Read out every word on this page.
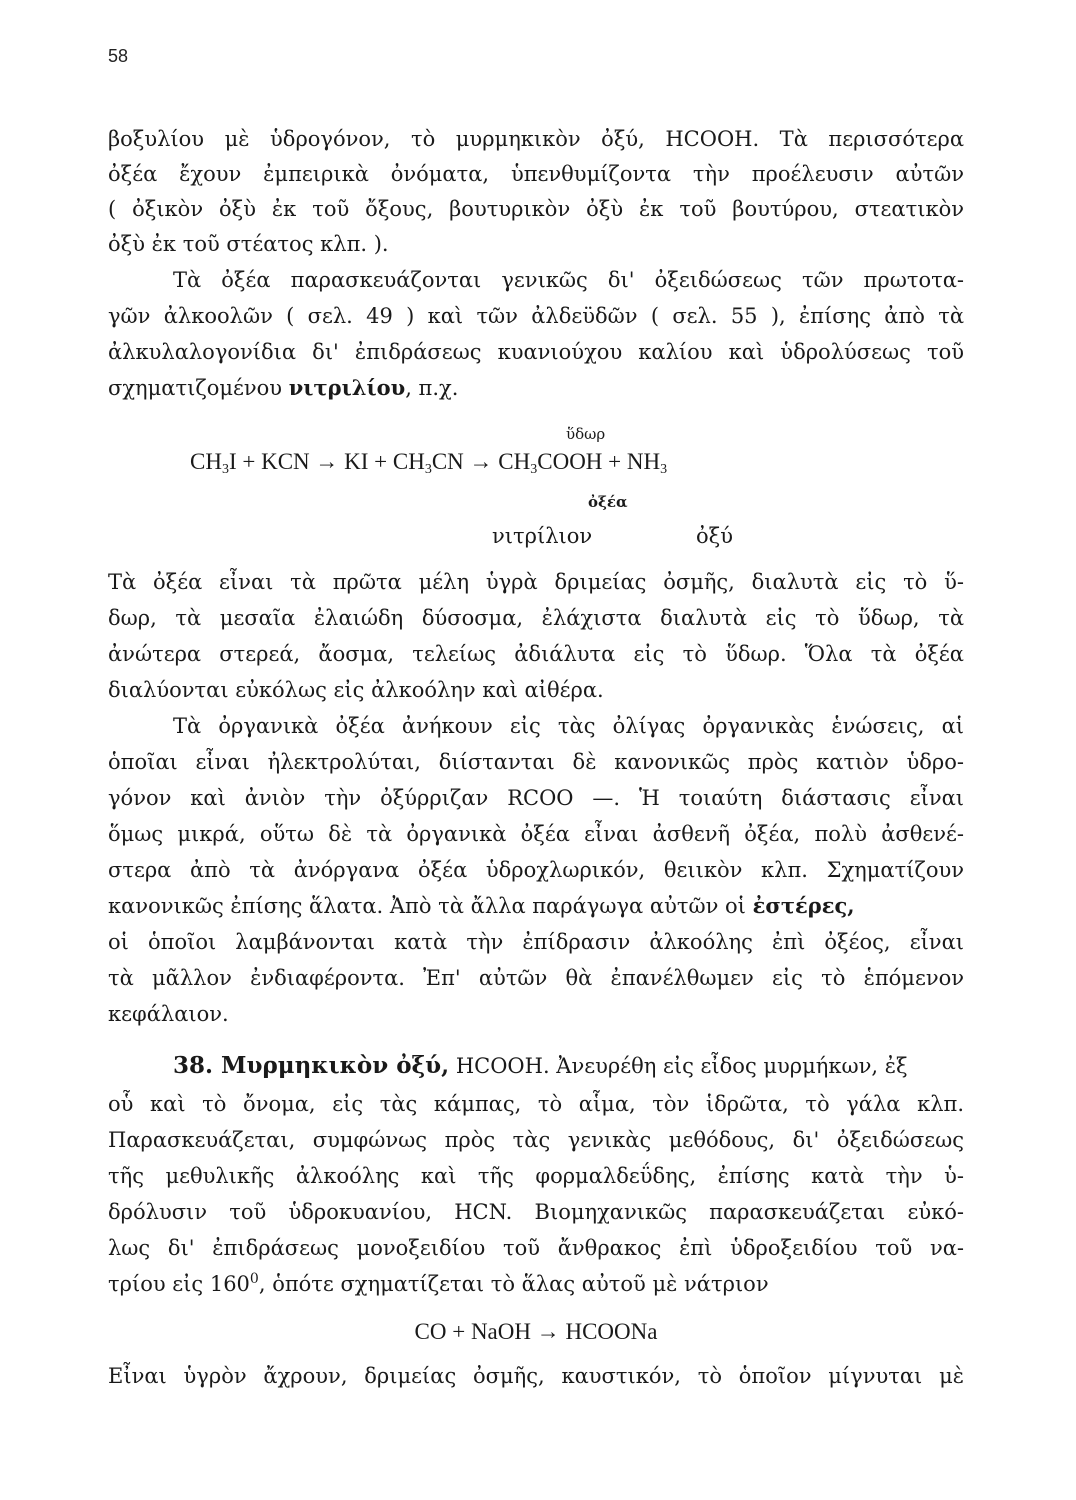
58
βοξυλίου μὲ ὑδρογόνον, τὸ μυρμηκικὸν ὀξύ, HCOOH. Τὰ περισσότερα
ὀξέα ἔχουν ἐμπειρικὰ ὀνόματα, ὑπενθυμίζοντα τὴν προέλευσιν αὐτῶν
( ὀξικὸν ὀξὺ ἐκ τοῦ ὄξους, βουτυρικὸν ὀξὺ ἐκ τοῦ βουτύρου, στεατικὸν
ὀξὺ ἐκ τοῦ στέατος κλπ. ).
Τὰ ὀξέα παρασκευάζονται γενικῶς δι' ὀξειδώσεως τῶν πρωτοτα-
γῶν ἀλκοολῶν ( σελ. 49 ) καὶ τῶν ἀλδεϋδῶν ( σελ. 55 ), ἐπίσης ἀπὸ τὰ
ἀλκυλαλογονίδια δι' ἐπιδράσεως κυανιούχου καλίου καὶ ὑδρολύσεως τοῦ
σχηματιζομένου νιτριλίου, π.χ.
ὕδωρ
$CH_3I$ + KCN → KI + $CH_3CN$ → $CH_3COOH + NH_3$
ὀξέα
νιτρίλιον	ὀξύ
Τὰ ὀξέα εἶναι τὰ πρῶτα μέλη ὑγρὰ δριμείας ὀσμῆς, διαλυτὰ εἰς τὸ ὕ-
δωρ, τὰ μεσαῖα ἐλαιώδη δύσοσμα, ἐλάχιστα διαλυτὰ εἰς τὸ ὕδωρ, τὰ
ἀνώτερα στερεά, ἄοσμα, τελείως ἀδιάλυτα εἰς τὸ ὕδωρ. Ὅλα τὰ ὀξέα
διαλύονται εὐκόλως εἰς ἀλκοόλην καὶ αἰθέρα.
Τὰ ὀργανικὰ ὀξέα ἀνήκουν εἰς τὰς ὀλίγας ὀργανικὰς ἑνώσεις, αἱ
ὁποῖαι εἶναι ἠλεκτρολύται, διίστανται δὲ κανονικῶς πρὸς κατιὸν ὑδρο-
γόνον καὶ ἀνιὸν τὴν ὀξύρριζαν RCOO —. Ἡ τοιαύτη διάστασις εἶναι
ὅμως μικρά, οὕτω δὲ τὰ ὀργανικὰ ὀξέα εἶναι ἀσθενῆ ὀξέα, πολὺ ἀσθενέ-
στερα ἀπὸ τὰ ἀνόργανα ὀξέα ὑδροχλωρικόν, θειικὸν κλπ. Σχηματίζουν
κανονικῶς ἐπίσης ἅλατα. Ἀπὸ τὰ ἄλλα παράγωγα αὐτῶν οἱ ἐστέρες,
οἱ ὁποῖοι λαμβάνονται κατὰ τὴν ἐπίδρασιν ἀλκοόλης ἐπὶ ὀξέος, εἶναι
τὰ μᾶλλον ἐνδιαφέροντα. Ἐπ' αὐτῶν θὰ ἐπανέλθωμεν εἰς τὸ ἑπόμενον
κεφάλαιον.
38. Μυρμηκικὸν ὀξύ, HCOOH. Ἀνευρέθη εἰς εἶδος μυρμήκων, ἐξ
οὗ καὶ τὸ ὄνομα, εἰς τὰς κάμπας, τὸ αἷμα, τὸν ἱδρῶτα, τὸ γάλα κλπ.
Παρασκευάζεται, συμφώνως πρὸς τὰς γενικὰς μεθόδους, δι' ὀξειδώσεως
τῆς μεθυλικῆς ἀλκοόλης καὶ τῆς φορμαλδεΰδης, ἐπίσης κατὰ τὴν ὑ-
δρόλυσιν τοῦ ὑδροκυανίου, HCN. Βιομηχανικῶς παρασκευάζεται εὐκό-
λως δι' ἐπιδράσεως μονοξειδίου τοῦ ἄνθρακος ἐπὶ ὑδροξειδίου τοῦ να-
τρίου εἰς $160^0$, ὁπότε σχηματίζεται τὸ ἅλας αὐτοῦ μὲ νάτριον
CO + NaOH → HCOONa
Εἶναι ὑγρὸν ἄχρουν, δριμείας ὀσμῆς, καυστικόν, τὸ ὁποῖον μίγνυται μὲ
